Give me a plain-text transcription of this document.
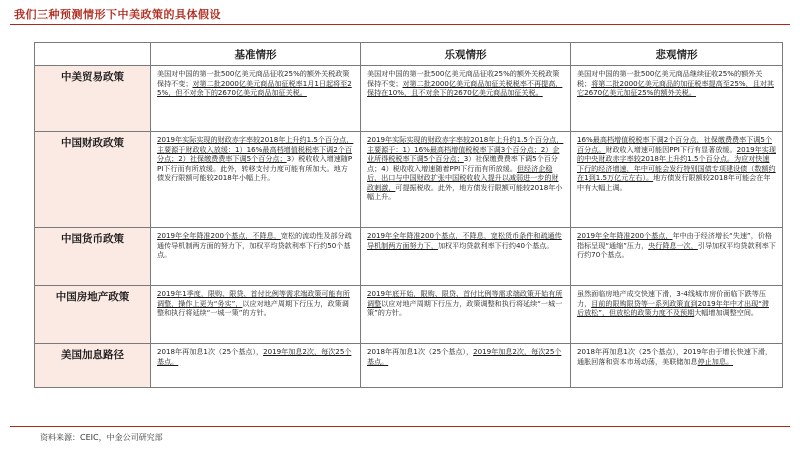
我们三种预测情形下中美政策的具体假设
	基准情形	乐观情形	悲观情形
中美贸易政策	美国对中国的第一批500亿美元商品征收25%的额外关税政策保持不变；对第二批2000亿美元商品加征税率1月1日起将至25%，但不对余下的2670亿美元商品加征关税。	美国对中国的第一批500亿美元商品征收25%的额外关税政策保持不变；对第二批2000亿美元商品加征关税税率不再提高，保持在10%，且不对余下的2670亿美元商品加征关税。	美国对中国的第一批500亿美元商品继续征收25%的额外关税；将第二批2000亿美元商品的加征税率提高至25%，且对其它2670亿美元加征25%的额外关税。
中国财政政策	2019年实际实现的财政赤字率较2018年上升约1.5个百分点，主要源于财政收入放缓：1）16%最高档增值税税率下调2个百分点；2）社保缴费费率下调5个百分点；3）税收收入增速随PPI下行而有所放缓。此外，转移支付力度可能有所加大。地方债发行限额可能较2018年小幅上升。	2019年实际实现的财政赤字率较2018年上升约1.5个百分点，主要源于：1）16%最高档增值税税率下调3个百分点；2）企业所得税税率下调5个百分点；3）社保缴费费率下调5个百分点；4）税收收入增速随着PPI下行而有所放缓。但经济企稳后，出口与中国财政扩张中国税收收入提升以减弱进一步的财政刺激，可提振税收。此外，地方债发行限额可能较2018年小幅上升。	16%最高档增值税税率下调2个百分点，社保缴费费率下调5个百分点。财政收入增速可能因PPI下行有显著放缓。2019年实现的中央财政赤字率较2018年上升约1.5个百分点。为应对快速下行的经济增速，年中可能会发行特别国债专项建设债（数额约在1到1.5万亿元左右）。地方债发行限额较2018年可能会在年中有大幅上调。
中国货币政策	2019年全年降准200个基点，不降息，宽松的流动性及部分疏通传导机制两方面的努力下，加权平均贷款利率下行约50个基点。	2019年全年降准200个基点，不降息，宽松货币条件和疏通传导机制两方面努力下，加权平均贷款利率下行约40个基点。	2019年全年降准200个基点，年中由于经济增长“失速”，价格指标呈现“通缩”压力，央行降息一次，引导加权平均贷款利率下行约70个基点。
中国房地产政策	2019年1季度，限购、限贷、首付比例等需求端政策可能有所调整，操作上更为“务实”，以应对地产周期下行压力，政策调整和执行将延续“一城一策”的方针。	2019年底开始，限购、限贷、首付比例等需求端政策开始有所调整以应对地产周期下行压力，政策调整和执行将延续“一城一策”的方针。	虽然面临房地产成交快速下滑，3-4线城市房价面临下跌等压力，目前的限购限贷等一系列政策直到2019年年中才出现“滞后放松”，但放松的政策力度不及预期大幅增加调整空间。
美国加息路径	2018年再加息1次（25个基点），2019年加息2次，每次25个基点。	2018年再加息1次（25个基点），2019年加息2次，每次25个基点。	2018年再加息1次（25个基点），2019年由于增长快速下滑，通胀回落和资本市场动荡，美联储加息停止加息。
资料来源：CEIC，中金公司研究部
